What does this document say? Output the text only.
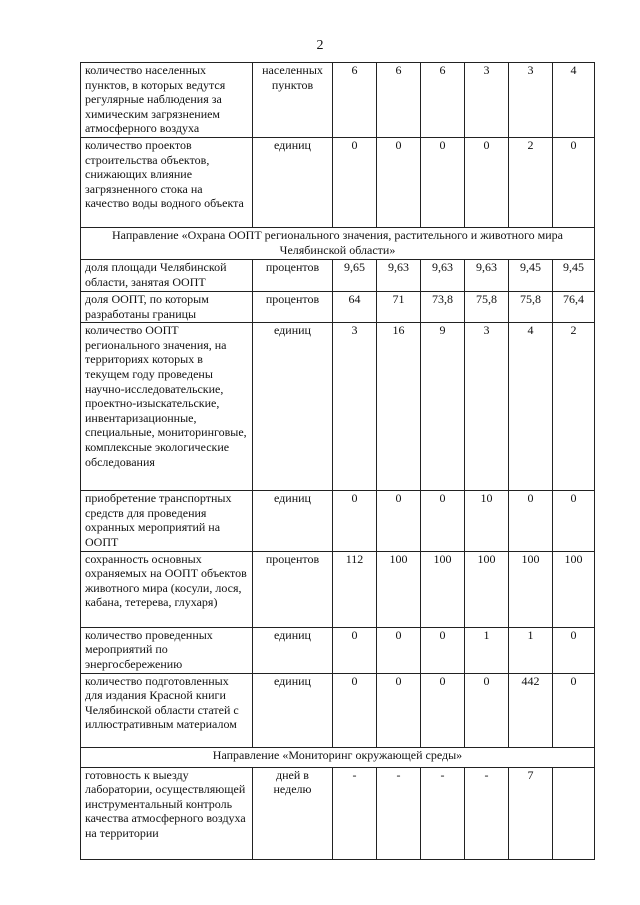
2
количество населенных пунктов, в которых ведутся регулярные наблюдения за химическим загрязнением атмосферного воздуха	населенных пунктов	6	6	6	3	3	4
количество проектов строительства объектов, снижающих влияние загрязненного стока на качество воды водного объекта	единиц	0	0	0	0	2	0
Направление «Охрана ООПТ регионального значения, растительного и животного мира Челябинской области»							
доля площади Челябинской области, занятая ООПТ	процентов	9,65	9,63	9,63	9,63	9,45	9,45
доля ООПТ, по которым разработаны границы	процентов	64	71	73,8	75,8	75,8	76,4
количество ООПТ регионального значения, на территориях которых в текущем году проведены научно-исследовательские, проектно-изыскательские, инвентаризационные, специальные, мониторинговые, комплексные экологические обследования	единиц	3	16	9	3	4	2
приобретение транспортных средств для проведения охранных мероприятий на ООПТ	единиц	0	0	0	10	0	0
сохранность основных охраняемых на ООПТ объектов животного мира (косули, лося, кабана, тетерева, глухаря)	процентов	112	100	100	100	100	100
количество проведенных мероприятий по энергосбережению	единиц	0	0	0	1	1	0
количество подготовленных для издания Красной книги Челябинской области статей с иллюстративным материалом	единиц	0	0	0	0	442	0
Направление «Мониторинг окружающей среды»							
готовность к выезду лаборатории, осуществляющей инструментальный контроль качества атмосферного воздуха на территории	дней в неделю	-	-	-	-	7	
